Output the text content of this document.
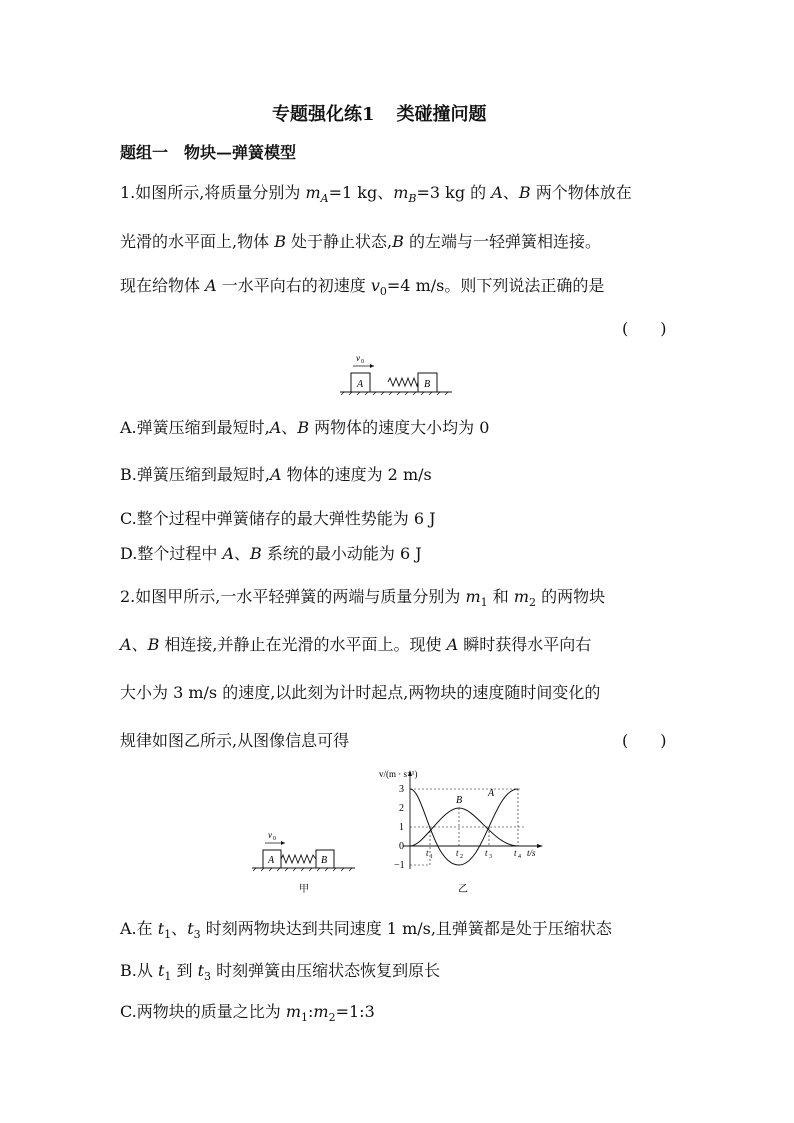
专题强化练1 类碰撞问题
题组一　物块—弹簧模型
1.如图所示,将质量分别为 $m_A=1$ kg、$m_B=3$ kg 的 A、B 两个物体放在
光滑的水平面上,物体 B 处于静止状态,B 的左端与一轻弹簧相连接。
现在给物体 A 一水平向右的初速度 $v_0=4$ m/s。则下列说法正确的是
(　　)
A	B
v 0
A.弹簧压缩到最短时,A、B 两物体的速度大小均为 0
B.弹簧压缩到最短时,A 物体的速度为 2 m/s
C.整个过程中弹簧储存的最大弹性势能为 6 J
D.整个过程中 A、B 系统的最小动能为 6 J
2.如图甲所示,一水平轻弹簧的两端与质量分别为 $m_1$ 和 $m_2$ 的两物块
A、B 相连接,并静止在光滑的水平面上。现使 A 瞬时获得水平向右
大小为 3 m/s 的速度,以此刻为计时起点,两物块的速度随时间变化的
规律如图乙所示,从图像信息可得	(　　)
A	B
v 0
甲
v/(m · s⁻¹)
3
2
1
0
−1
B
A
t 1	t 2 t 3 t 4 t/s
乙
A.在 $t_1$、$t_3$ 时刻两物块达到共同速度 1 m/s,且弹簧都是处于压缩状态
B.从 $t_1$ 到 $t_3$ 时刻弹簧由压缩状态恢复到原长
C.两物块的质量之比为 $m_1:m_2=1:3$
